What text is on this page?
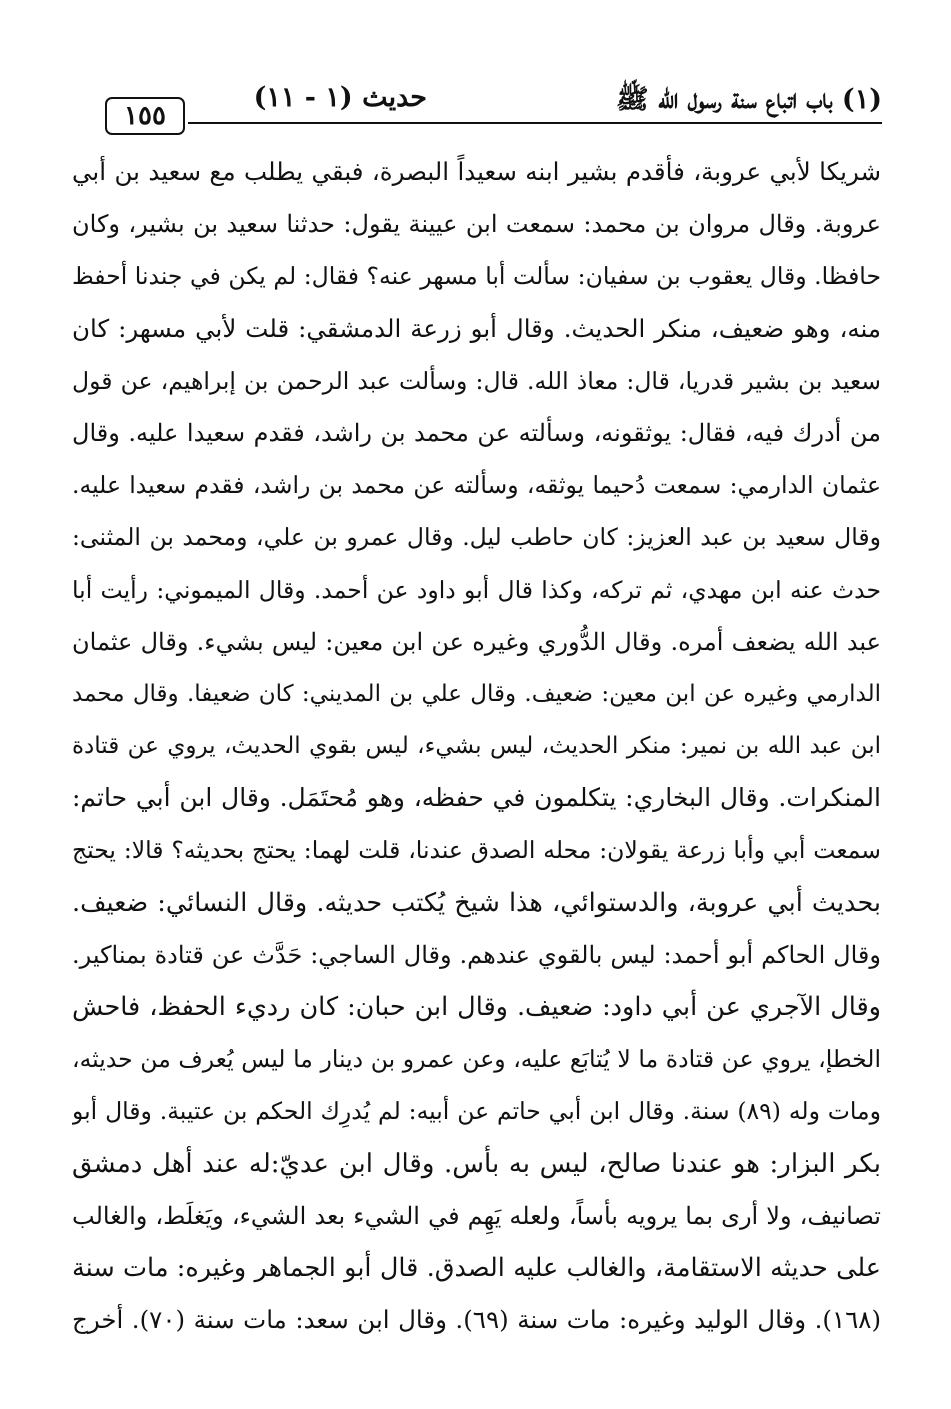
(١) باب اتباع سنة رسول الله ﷺ
حديث (١ - ١١)
١٥٥
شريكا لأبي عروبة، فأقدم بشير ابنه سعيداً البصرة، فبقي يطلب مع سعيد بن أبي
عروبة. وقال مروان بن محمد: سمعت ابن عيينة يقول: حدثنا سعيد بن بشير، وكان
حافظا. وقال يعقوب بن سفيان: سألت أبا مسهر عنه؟ فقال: لم يكن في جندنا أحفظ
منه، وهو ضعيف، منكر الحديث. وقال أبو زرعة الدمشقي: قلت لأبي مسهر: كان
سعيد بن بشير قدريا، قال: معاذ الله. قال: وسألت عبد الرحمن بن إبراهيم، عن قول
من أدرك فيه، فقال: يوثقونه، وسألته عن محمد بن راشد، فقدم سعيدا عليه. وقال
عثمان الدارمي: سمعت دُحيما يوثقه، وسألته عن محمد بن راشد، فقدم سعيدا عليه.
وقال سعيد بن عبد العزيز: كان حاطب ليل. وقال عمرو بن علي، ومحمد بن المثنى:
حدث عنه ابن مهدي، ثم تركه، وكذا قال أبو داود عن أحمد. وقال الميموني: رأيت أبا
عبد الله يضعف أمره. وقال الدُّوري وغيره عن ابن معين: ليس بشيء. وقال عثمان
الدارمي وغيره عن ابن معين: ضعيف. وقال علي بن المديني: كان ضعيفا. وقال محمد
ابن عبد الله بن نمير: منكر الحديث، ليس بشيء، ليس بقوي الحديث، يروي عن قتادة
المنكرات. وقال البخاري: يتكلمون في حفظه، وهو مُحتَمَل. وقال ابن أبي حاتم:
سمعت أبي وأبا زرعة يقولان: محله الصدق عندنا، قلت لهما: يحتج بحديثه؟ قالا: يحتج
بحديث أبي عروبة، والدستوائي، هذا شيخ يُكتب حديثه. وقال النسائي: ضعيف.
وقال الحاكم أبو أحمد: ليس بالقوي عندهم. وقال الساجي: حَدَّث عن قتادة بمناكير.
وقال الآجري عن أبي داود: ضعيف. وقال ابن حبان: كان رديء الحفظ، فاحش
الخطإ، يروي عن قتادة ما لا يُتابَع عليه، وعن عمرو بن دينار ما ليس يُعرف من حديثه،
ومات وله (٨٩) سنة. وقال ابن أبي حاتم عن أبيه: لم يُدرِك الحكم بن عتيبة. وقال أبو
بكر البزار: هو عندنا صالح، ليس به بأس. وقال ابن عديّ:له عند أهل دمشق
تصانيف، ولا أرى بما يرويه بأساً، ولعله يَهِم في الشيء بعد الشيء، ويَغلَط، والغالب
على حديثه الاستقامة، والغالب عليه الصدق. قال أبو الجماهر وغيره: مات سنة
(١٦٨). وقال الوليد وغيره: مات سنة (٦٩). وقال ابن سعد: مات سنة (٧٠). أخرج
